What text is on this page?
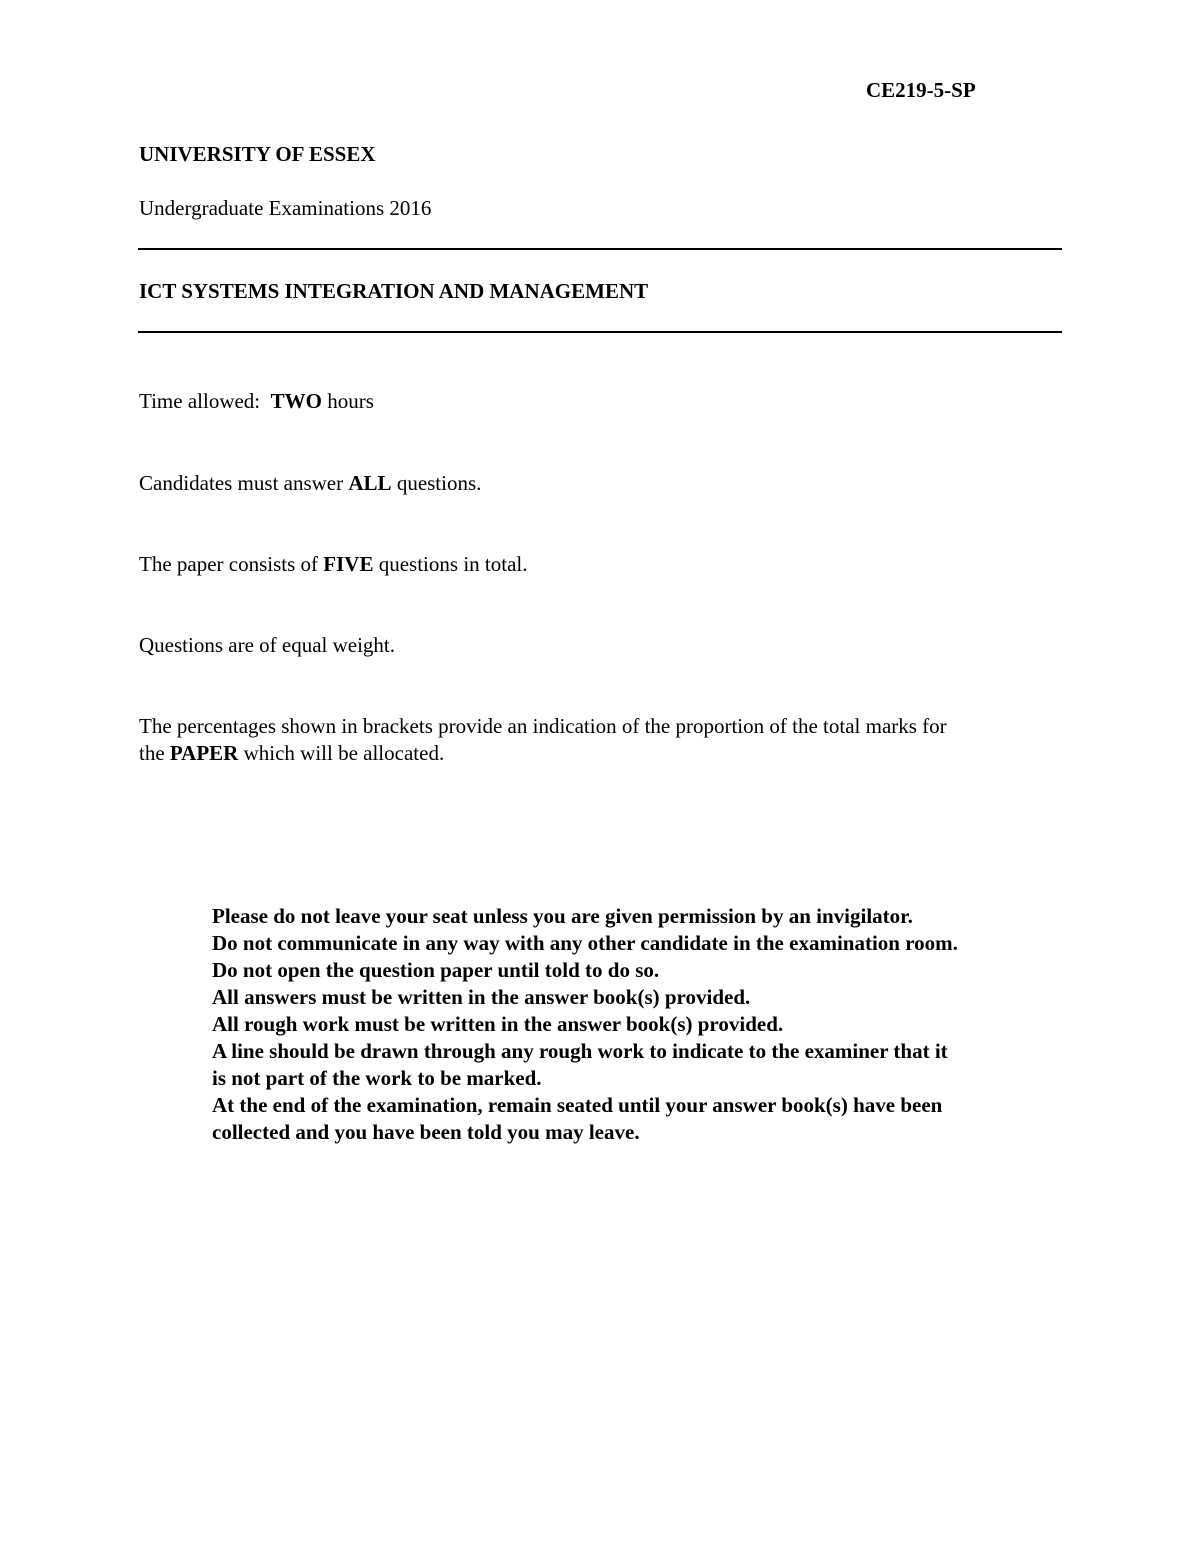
CE219-5-SP
UNIVERSITY OF ESSEX
Undergraduate Examinations 2016
ICT SYSTEMS INTEGRATION AND MANAGEMENT
Time allowed:  TWO hours
Candidates must answer ALL questions.
The paper consists of FIVE questions in total.
Questions are of equal weight.
The percentages shown in brackets provide an indication of the proportion of the total marks for
the PAPER which will be allocated.
Please do not leave your seat unless you are given permission by an invigilator.
Do not communicate in any way with any other candidate in the examination room.
Do not open the question paper until told to do so.
All answers must be written in the answer book(s) provided.
All rough work must be written in the answer book(s) provided.
A line should be drawn through any rough work to indicate to the examiner that it
is not part of the work to be marked.
At the end of the examination, remain seated until your answer book(s) have been
collected and you have been told you may leave.
